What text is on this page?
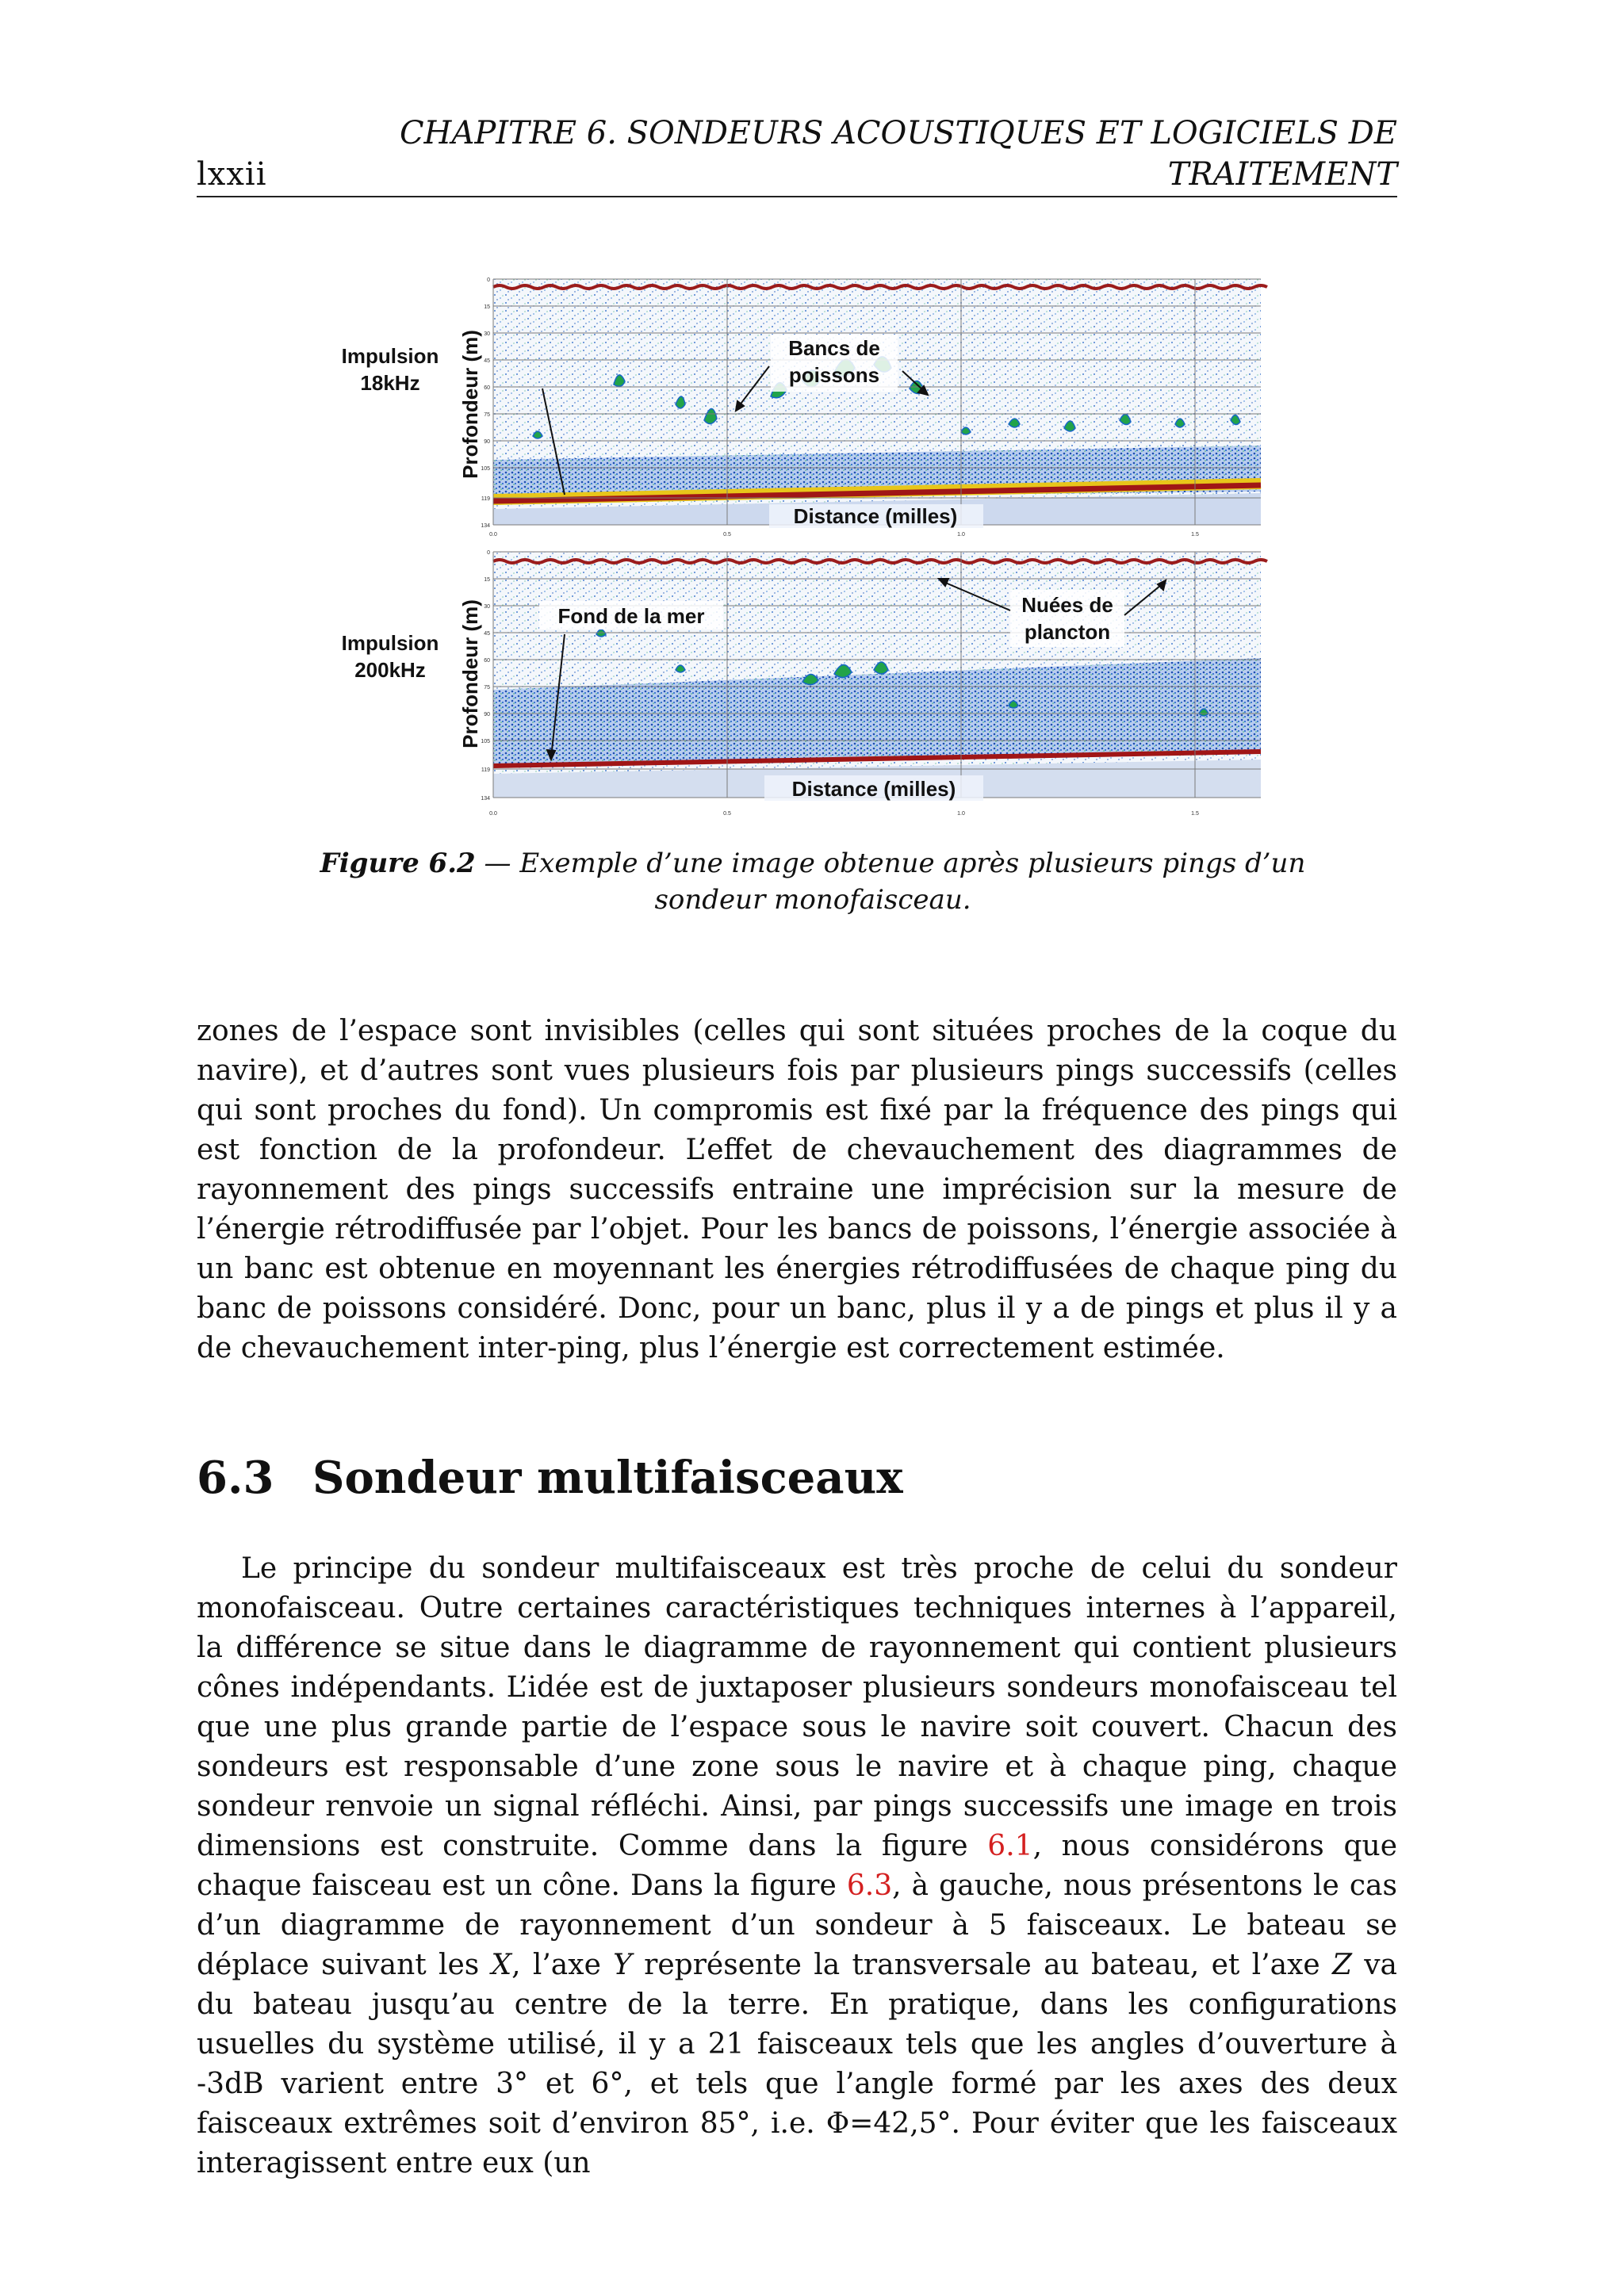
lxxii
CHAPITRE 6. SONDEURS ACOUSTIQUES ET LOGICIELS DE
TRAITEMENT
0
15
30
45
60
75
90
105
119
134
0.0	0.5	1.0	1.5
Impulsion
18kHz Profondeur (m)
Distance (milles)
Bancs de
poissons
0
15
30
45
60
75
90
105
119
134
0.0	0.5	1.0	1.5
Impulsion
200kHz Profondeur (m)
Distance (milles)
Fond de la mer	Nuées de
plancton
Figure 6.2 — Exemple d’une image obtenue après plusieurs pings d’un sondeur monofaisceau.

zones de l’espace sont invisibles (celles qui sont situées proches de la coque du navire), et d’autres sont vues plusieurs fois par plusieurs pings successifs (celles qui sont proches du fond). Un compromis est fixé par la fréquence des pings qui est fonction de la profondeur. L’effet de chevauchement des diagrammes de rayonnement des pings successifs entraine une imprécision sur la mesure de l’énergie rétrodiffusée par l’objet. Pour les bancs de poissons, l’énergie associée à un banc est obtenue en moyennant les énergies rétrodiffusées de chaque ping du banc de poissons considéré. Donc, pour un banc, plus il y a de pings et plus il y a de chevauchement inter-ping, plus l’énergie est correctement estimée.

6.3 Sondeur multifaisceaux

Le principe du sondeur multifaisceaux est très proche de celui du sondeur monofaisceau. Outre certaines caractéristiques techniques internes à l’appareil, la différence se situe dans le diagramme de rayonnement qui contient plusieurs cônes indépendants. L’idée est de juxtaposer plusieurs sondeurs monofaisceau tel que une plus grande partie de l’espace sous le navire soit couvert. Chacun des sondeurs est responsable d’une zone sous le navire et à chaque ping, chaque sondeur renvoie un signal réfléchi. Ainsi, par pings successifs une image en trois dimensions est construite. Comme dans la figure 6.1, nous considérons que chaque faisceau est un cône. Dans la figure 6.3, à gauche, nous présentons le cas d’un diagramme de rayonnement d’un sondeur à 5 faisceaux. Le bateau se déplace suivant les X, l’axe Y représente la transversale au bateau, et l’axe Z va du bateau jusqu’au centre de la terre. En pratique, dans les configurations usuelles du système utilisé, il y a 21 faisceaux tels que les angles d’ouverture à -3dB varient entre 3° et 6°, et tels que l’angle formé par les axes des deux faisceaux extrêmes soit d’environ 85°, i.e. Φ=42,5°. Pour éviter que les faisceaux interagissent entre eux (un
